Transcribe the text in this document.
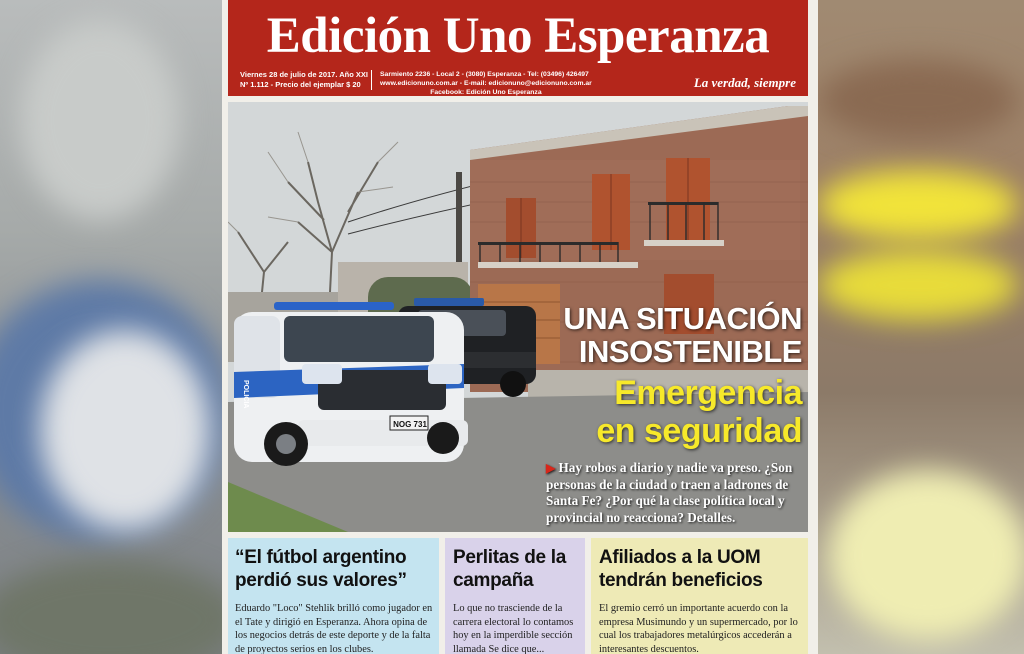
Edición Uno Esperanza
Viernes 28 de julio de 2017. Año XXI
Nº 1.112 - Precio del ejemplar $ 20
Sarmiento 2236 - Local 2 - (3080) Esperanza - Tel: (03496) 426497
www.edicionuno.com.ar - E-mail: edicionuno@edicionuno.com.ar
Facebook: Edición Uno Esperanza
La verdad, siempre
POLICIA
NOG 731
UNA SITUACIÓN
INSOSTENIBLE
Emergencia
en seguridad
▶ Hay robos a diario y nadie va preso. ¿Son personas de la ciudad o traen a ladrones de Santa Fe? ¿Por qué la clase política local y provincial no reacciona? Detalles.
“El fútbol argentino perdió sus valores”

Eduardo "Loco" Stehlik brilló como jugador en el Tate y dirigió en Esperanza. Ahora opina de los negocios detrás de este deporte y de la falta de proyectos serios en los clubes.

Perlitas de la campaña

Lo que no trasciende de la carrera electoral lo contamos hoy en la imperdible sección llamada Se dice que...

Afiliados a la UOM tendrán beneficios

El gremio cerró un importante acuerdo con la empresa Musimundo y un supermercado, por lo cual los trabajadores metalúrgicos accederán a interesantes descuentos.
